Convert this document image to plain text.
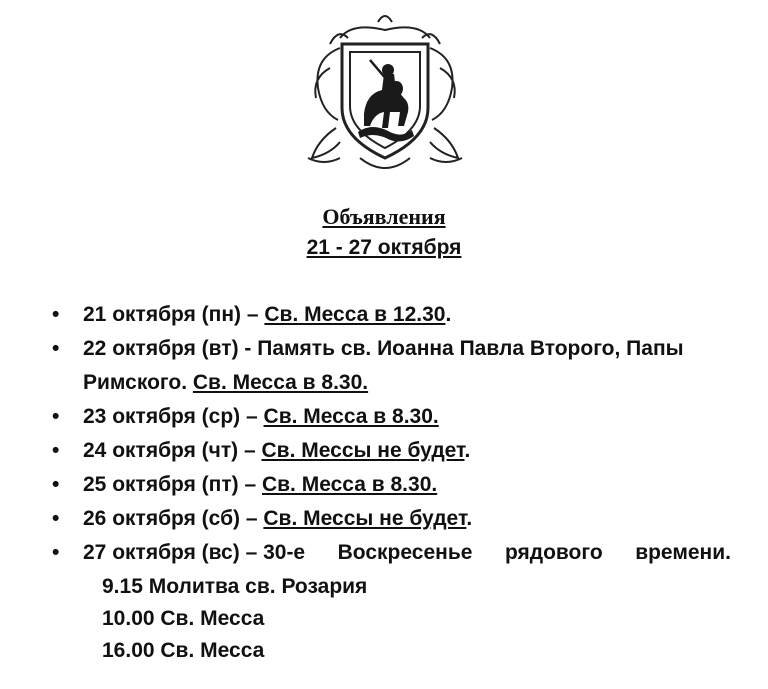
Объявления
21 - 27 октября
•	21 октября (пн) – Св. Месса в 12.30.
•	22 октября (вт) - Память св. Иоанна Павла Второго, Папы
Римского. Св. Месса в 8.30.
•	23 октября (ср) – Св. Месса в 8.30.
•	24 октября (чт) – Св. Мессы не будет.
•	25 октября (пт) – Св. Месса в 8.30.
•	26 октября (сб) – Св. Мессы не будет.
•	27 октября (вс) – 30-е Воскресенье рядового времени.
9.15 Молитва св. Розария
10.00 Св. Месса
16.00 Св. Месса
